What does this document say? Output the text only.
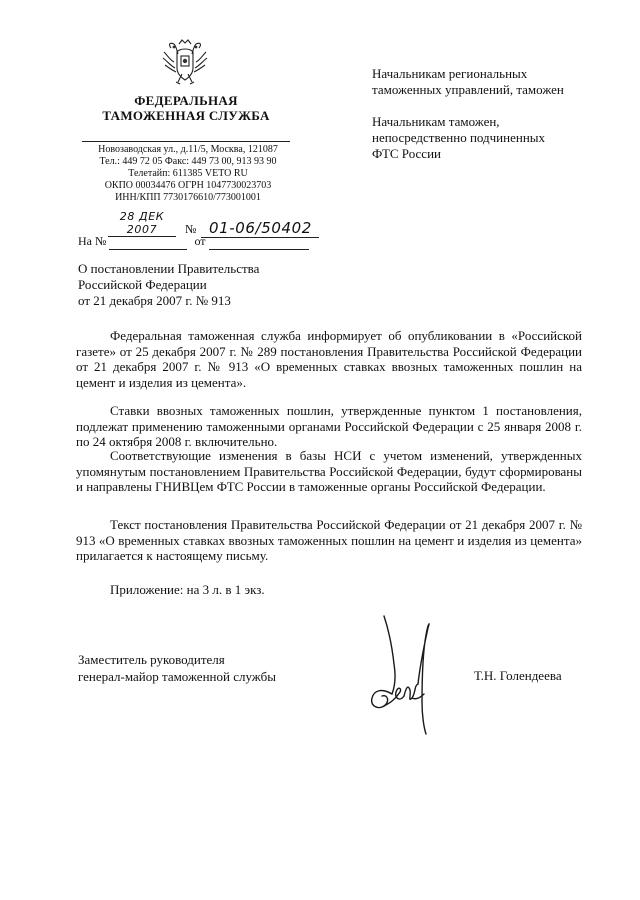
ФЕДЕРАЛЬНАЯ
ТАМОЖЕННАЯ СЛУЖБА
Новозаводская ул., д.11/5, Москва, 121087
Тел.: 449 72 05 Факс: 449 73 00, 913 93 90
Телетайп: 611385 VETO RU
ОКПО 00034476 ОГРН 1047730023703
ИНН/КПП 7730176610/773001001
28 ДЕК 2007 № 01-06/50402
На №	от
Начальникам региональных
таможенных управлений, таможен
Начальникам таможен,
непосредственно подчиненных
ФТС России
О постановлении Правительства
Российской Федерации
от 21 декабря 2007 г. № 913

Федеральная таможенная служба информирует об опубликовании в «Российской газете» от 25 декабря 2007 г. № 289 постановления Правительства Российской Федерации от 21 декабря 2007 г. № 913 «О временных ставках ввозных таможенных пошлин на цемент и изделия из цемента».

Ставки ввозных таможенных пошлин, утвержденные пунктом 1 постановления, подлежат применению таможенными органами Российской Федерации с 25 января 2008 г. по 24 октября 2008 г. включительно.

Соответствующие изменения в базы НСИ с учетом изменений, утвержденных упомянутым постановлением Правительства Российской Федерации, будут сформированы и направлены ГНИВЦем ФТС России в таможенные органы Российской Федерации.

Текст постановления Правительства Российской Федерации от 21 декабря 2007 г. № 913 «О временных ставках ввозных таможенных пошлин на цемент и изделия из цемента» прилагается к настоящему письму.

Приложение: на 3 л. в 1 экз.
Заместитель руководителя
генерал-майор таможенной службы	Т.Н. Голендеева
